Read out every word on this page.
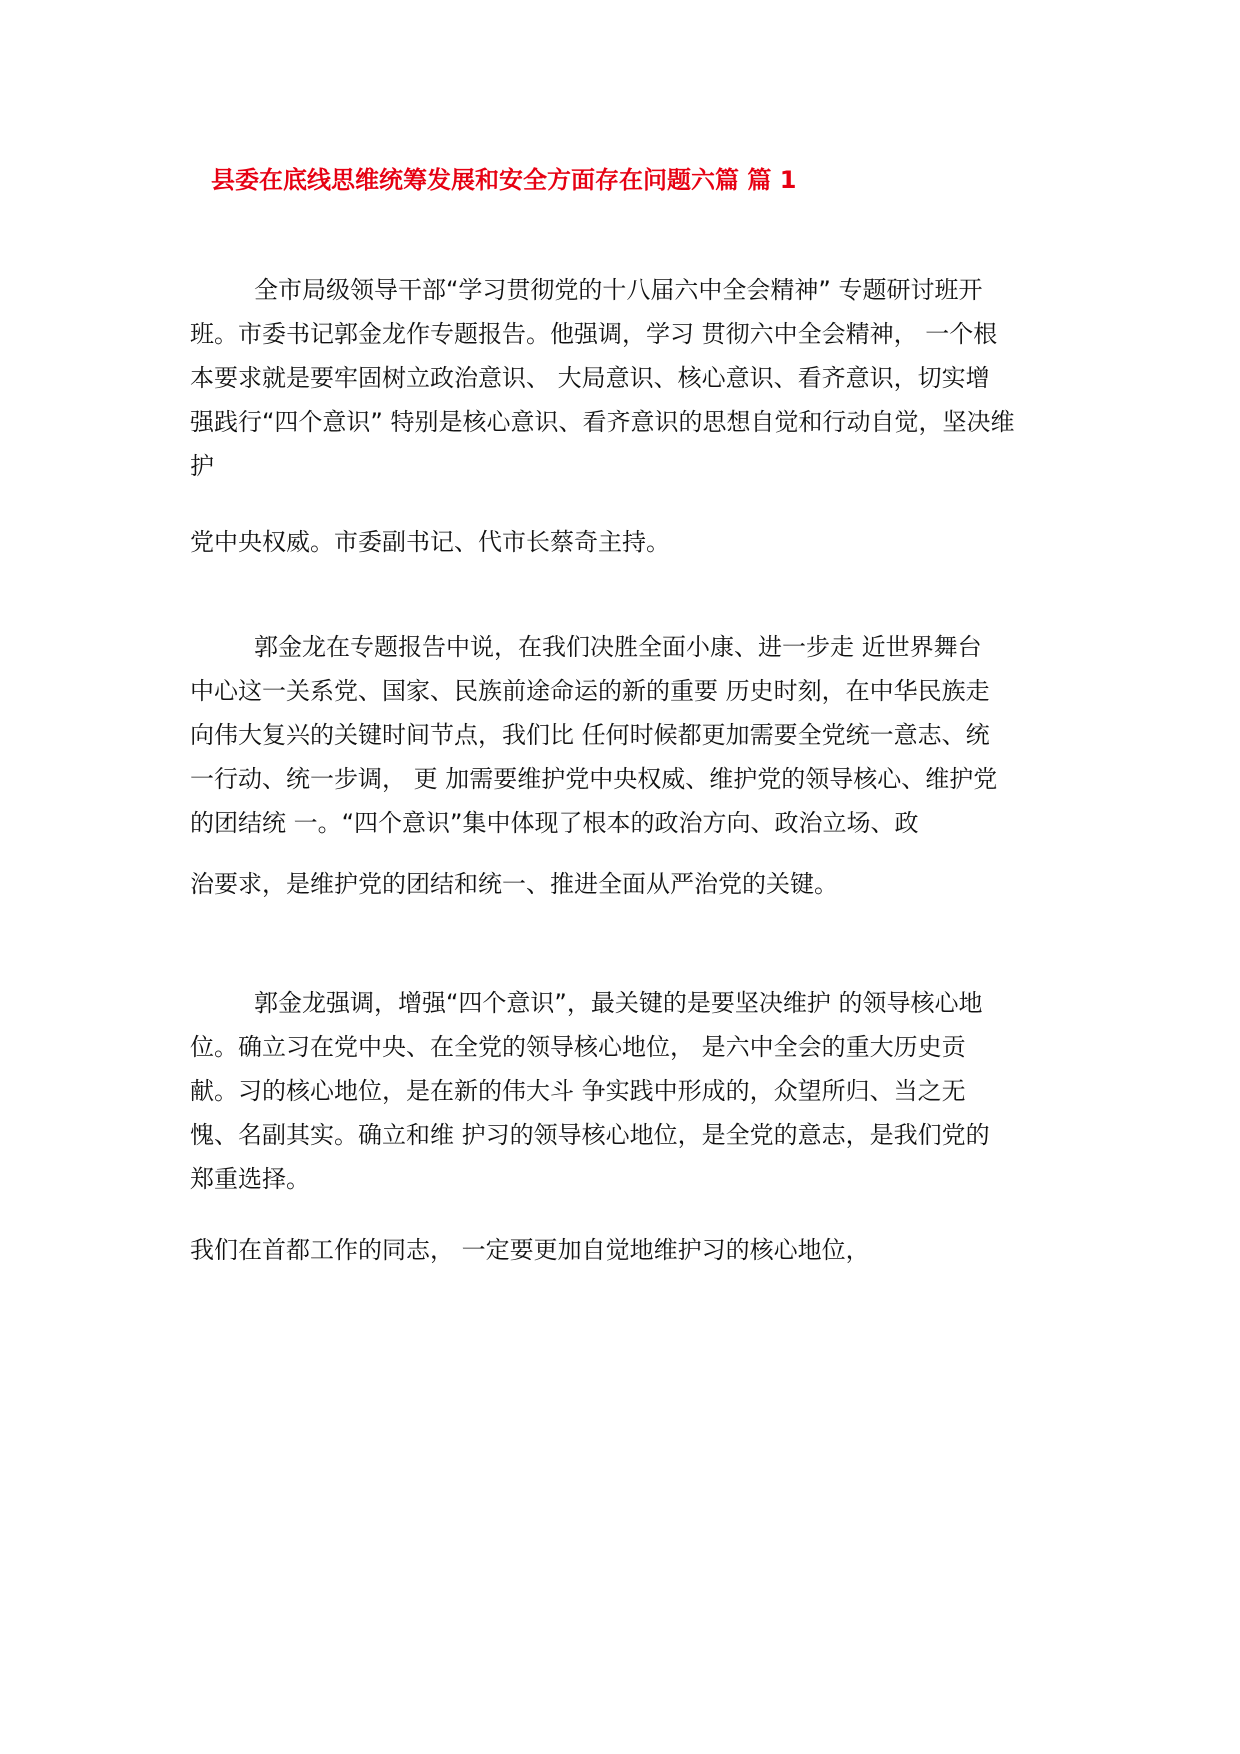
县委在底线思维统筹发展和安全方面存在问题六篇 篇 1
全市局级领导干部“学习贯彻党的十八届六中全会精神” 专题研讨班开
班。市委书记郭金龙作专题报告。他强调，学习 贯彻六中全会精神， 一个根
本要求就是要牢固树立政治意识、 大局意识、核心意识、看齐意识，切实增
强践行“四个意识” 特别是核心意识、看齐意识的思想自觉和行动自觉，坚决维
护
党中央权威。市委副书记、代市长蔡奇主持。
郭金龙在专题报告中说，在我们决胜全面小康、进一步走 近世界舞台
中心这一关系党、国家、民族前途命运的新的重要 历史时刻，在中华民族走
向伟大复兴的关键时间节点，我们比 任何时候都更加需要全党统一意志、统
一行动、统一步调， 更 加需要维护党中央权威、维护党的领导核心、维护党
的团结统 一。“四个意识”集中体现了根本的政治方向、政治立场、政
治要求，是维护党的团结和统一、推进全面从严治党的关键。
郭金龙强调，增强“四个意识”，最关键的是要坚决维护 的领导核心地
位。确立习在党中央、在全党的领导核心地位， 是六中全会的重大历史贡
献。习的核心地位，是在新的伟大斗 争实践中形成的，众望所归、当之无
愧、名副其实。确立和维 护习的领导核心地位，是全党的意志，是我们党的
郑重选择。
我们在首都工作的同志， 一定要更加自觉地维护习的核心地位，
